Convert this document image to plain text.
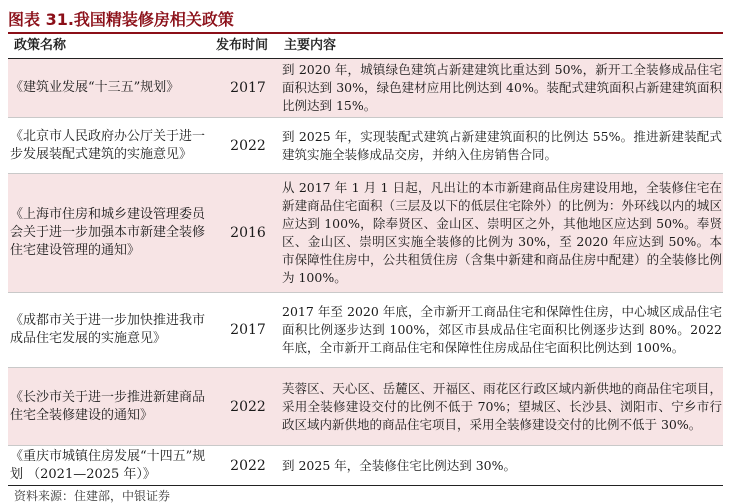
图表 31.我国精装修房相关政策
政策名称	发布时间 主要内容
《建筑业发展“十三五”规划》	2017
到 2020 年，城镇绿色建筑占新建建筑比重达到 50%，新开工全装修成品住宅面积达到 30%，绿色建材应用比例达到 40%。装配式建筑面积占新建建筑面积比例达到 15%。
《北京市人民政府办公厅关于进一步发展装配式建筑的实施意见》
2022
到 2025 年，实现装配式建筑占新建建筑面积的比例达 55%。推进新建装配式建筑实施全装修成品交房，并纳入住房销售合同。
《上海市住房和城乡建设管理委员会关于进一步加强本市新建全装修住宅建设管理的通知》
2016
从 2017 年 1 月 1 日起，凡出让的本市新建商品住房建设用地，全装修住宅在新建商品住宅面积（三层及以下的低层住宅除外）的比例为：外环线以内的城区应达到 100%，除奉贤区、金山区、崇明区之外，其他地区应达到 50%。奉贤区、金山区、崇明区实施全装修的比例为 30%，至 2020 年应达到 50%。本市保障性住房中，公共租赁住房（含集中新建和商品住房中配建）的全装修比例为 100%。
《成都市关于进一步加快推进我市成品住宅发展的实施意见》
2017
2017 年至 2020 年底，全市新开工商品住宅和保障性住房，中心城区成品住宅面积比例逐步达到 100%，郊区市县成品住宅面积比例逐步达到 80%。2022 年底，全市新开工商品住宅和保障性住房成品住宅面积比例达到 100%。
《长沙市关于进一步推进新建商品住宅全装修建设的通知》
2022
芙蓉区、天心区、岳麓区、开福区、雨花区行政区域内新供地的商品住宅项目，采用全装修建设交付的比例不低于 70%；望城区、长沙县、浏阳市、宁乡市行政区域内新供地的商品住宅项目，采用全装修建设交付的比例不低于 30%。
《重庆市城镇住房发展“十四五”规划 （2021—2025 年）》
2022 到 2025 年，全装修住宅比例达到 30%。
资料来源：住建部，中银证券
